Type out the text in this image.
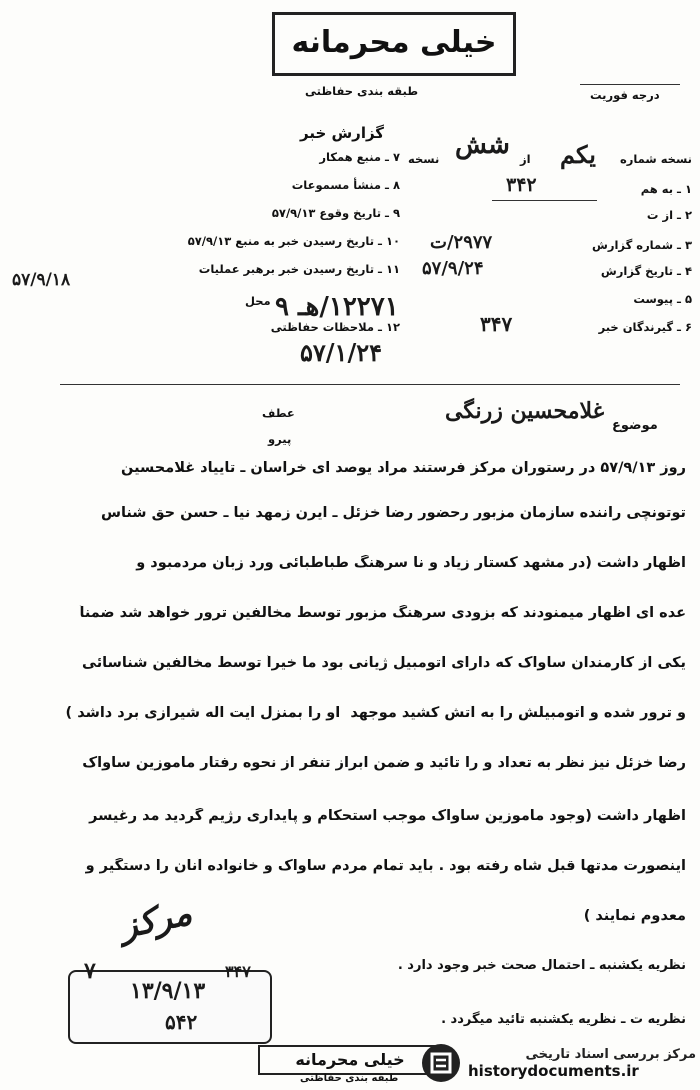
خیلی محرمانه
طبقه بندی حفاظتی	درجه فوریت
گزارش خبر
نسخه شماره
یکم
از
شش
نسخه
۱ ـ به هم
۳۴۲
۲ ـ از ت
۳ ـ شماره گزارش
۲۹۷۷/ت
۴ ـ تاریخ گزارش
۵۷/۹/۲۴
۵ ـ پیوست
۶ ـ گیرندگان خبر
۳۴۷
۷ ـ منبع همکار
۸ ـ منشأ مسموعات
۹ ـ تاریخ وقوع ۵۷/۹/۱۳
۱۰ ـ تاریخ رسیدن خبر به منبع ۵۷/۹/۱۳
۱۱ ـ تاریخ رسیدن خبر برهبر عملیات
۵۷/۹/۱۸
محل
۱۲ ـ ملاحظات حفاظتی
۱۲۲۷۱/هـ ۹
۵۷/۱/۲۴
موضوع
غلامحسین زرنگی
عطف
پیرو
روز ۵۷/۹/۱۳ در رستوران مرکز فرستند مراد یوصد ای خراسان ـ تاییاد غلامحسین
توتونچی راننده سازمان مزبور رحضور رضا خزئل ـ ایرن زمهد نیا ـ حسن حق شناس
اظهار داشت (در مشهد کستار زیاد و نا سرهنگ طباطبائی ورد زبان مردمبود و
عده ای اظهار میمنودند که بزودی سرهنگ مزبور توسط مخالفین ترور خواهد شد ضمناً
یکی از کارمندان ساواک که دارای اتومبیل ژیانی بود ما خیراً توسط مخالفین شناسائی
و ترور شده و اتومبیلش را به آتش کشید موجهد ‌ او را بمنزل آیت اله شیرازی برد داشد )
رضا خزئل نیز نظر به تعداد و را تائید و ضمن ابراز تنفر از نحوه رفتار ماموزین ساواک
اظهار داشت (وجود ماموزین ساواک موجب استحکام و پایداری رژیم گردید مد رغیسر
اینصورت مدتها قبل شاه رفته بود . باید تمام مردم ساواک و خانواده آنان را دستگیر و
معدوم نمایند )
نظریه یکشنبه ـ احتمال صحت خبر وجود دارد .
نظریه ت ـ نظریه یکشنبه تائید میگردد .
مرکز
۷	۳۴۷
۱۳/۹/۱۳
۵۴۲
خیلی محرمانه
طبقه بندی حفاظتی
مرکز بررسی اسناد تاریخی
historydocuments.ir
